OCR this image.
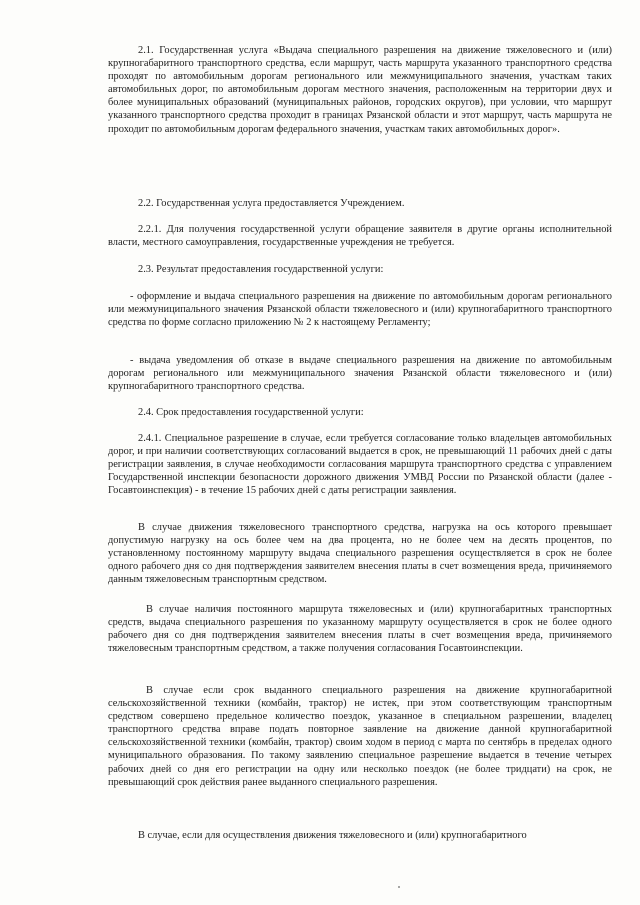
2.1. Государственная услуга «Выдача специального разрешения на движение тяжеловесного и (или) крупногабаритного транспортного средства, если маршрут, часть маршрута указанного транспортного средства проходят по автомобильным дорогам регионального или межмуниципального значения, участкам таких автомобильных дорог, по автомобильным дорогам местного значения, расположенным на территории двух и более муниципальных образований (муниципальных районов, городских округов), при условии, что маршрут указанного транспортного средства проходит в границах Рязанской области и этот маршрут, часть маршрута не проходит по автомобильным дорогам федерального значения, участкам таких автомобильных дорог».

2.2. Государственная услуга предоставляется Учреждением.

2.2.1. Для получения государственной услуги обращение заявителя в другие органы исполнительной власти, местного самоуправления, государственные учреждения не требуется.

2.3. Результат предоставления государственной услуги:

- оформление и выдача специального разрешения на движение по автомобильным дорогам регионального или межмуниципального значения Рязанской области тяжеловесного и (или) крупногабаритного транспортного средства по форме согласно приложению № 2 к настоящему Регламенту;

- выдача уведомления об отказе в выдаче специального разрешения на движение по автомобильным дорогам регионального или межмуниципального значения Рязанской области тяжеловесного и (или) крупногабаритного транспортного средства.

2.4. Срок предоставления государственной услуги:

2.4.1. Специальное разрешение в случае, если требуется согласование только владельцев автомобильных дорог, и при наличии соответствующих согласований выдается в срок, не превышающий 11 рабочих дней с даты регистрации заявления, в случае необходимости согласования маршрута транспортного средства с управлением Государственной инспекции безопасности дорожного движения УМВД России по Рязанской области (далее - Госавтоинспекция) - в течение 15 рабочих дней с даты регистрации заявления.

В случае движения тяжеловесного транспортного средства, нагрузка на ось которого превышает допустимую нагрузку на ось более чем на два процента, но не более чем на десять процентов, по установленному постоянному маршруту выдача специального разрешения осуществляется в срок не более одного рабочего дня со дня подтверждения заявителем внесения платы в счет возмещения вреда, причиняемого данным тяжеловесным транспортным средством.

В случае наличия постоянного маршрута тяжеловесных и (или) крупногабаритных транспортных средств, выдача специального разрешения по указанному маршруту осуществляется в срок не более одного рабочего дня со дня подтверждения заявителем внесения платы в счет возмещения вреда, причиняемого тяжеловесным транспортным средством, а также получения согласования Госавтоинспекции.

В случае если срок выданного специального разрешения на движение крупногабаритной сельскохозяйственной техники (комбайн, трактор) не истек, при этом соответствующим транспортным средством совершено предельное количество поездок, указанное в специальном разрешении, владелец транспортного средства вправе подать повторное заявление на движение данной крупногабаритной сельскохозяйственной техники (комбайн, трактор) своим ходом в период с марта по сентябрь в пределах одного муниципального образования. По такому заявлению специальное разрешение выдается в течение четырех рабочих дней со дня его регистрации на одну или несколько поездок (не более тридцати) на срок, не превышающий срок действия ранее выданного специального разрешения.

В случае, если для осуществления движения тяжеловесного и (или) крупногабаритного
